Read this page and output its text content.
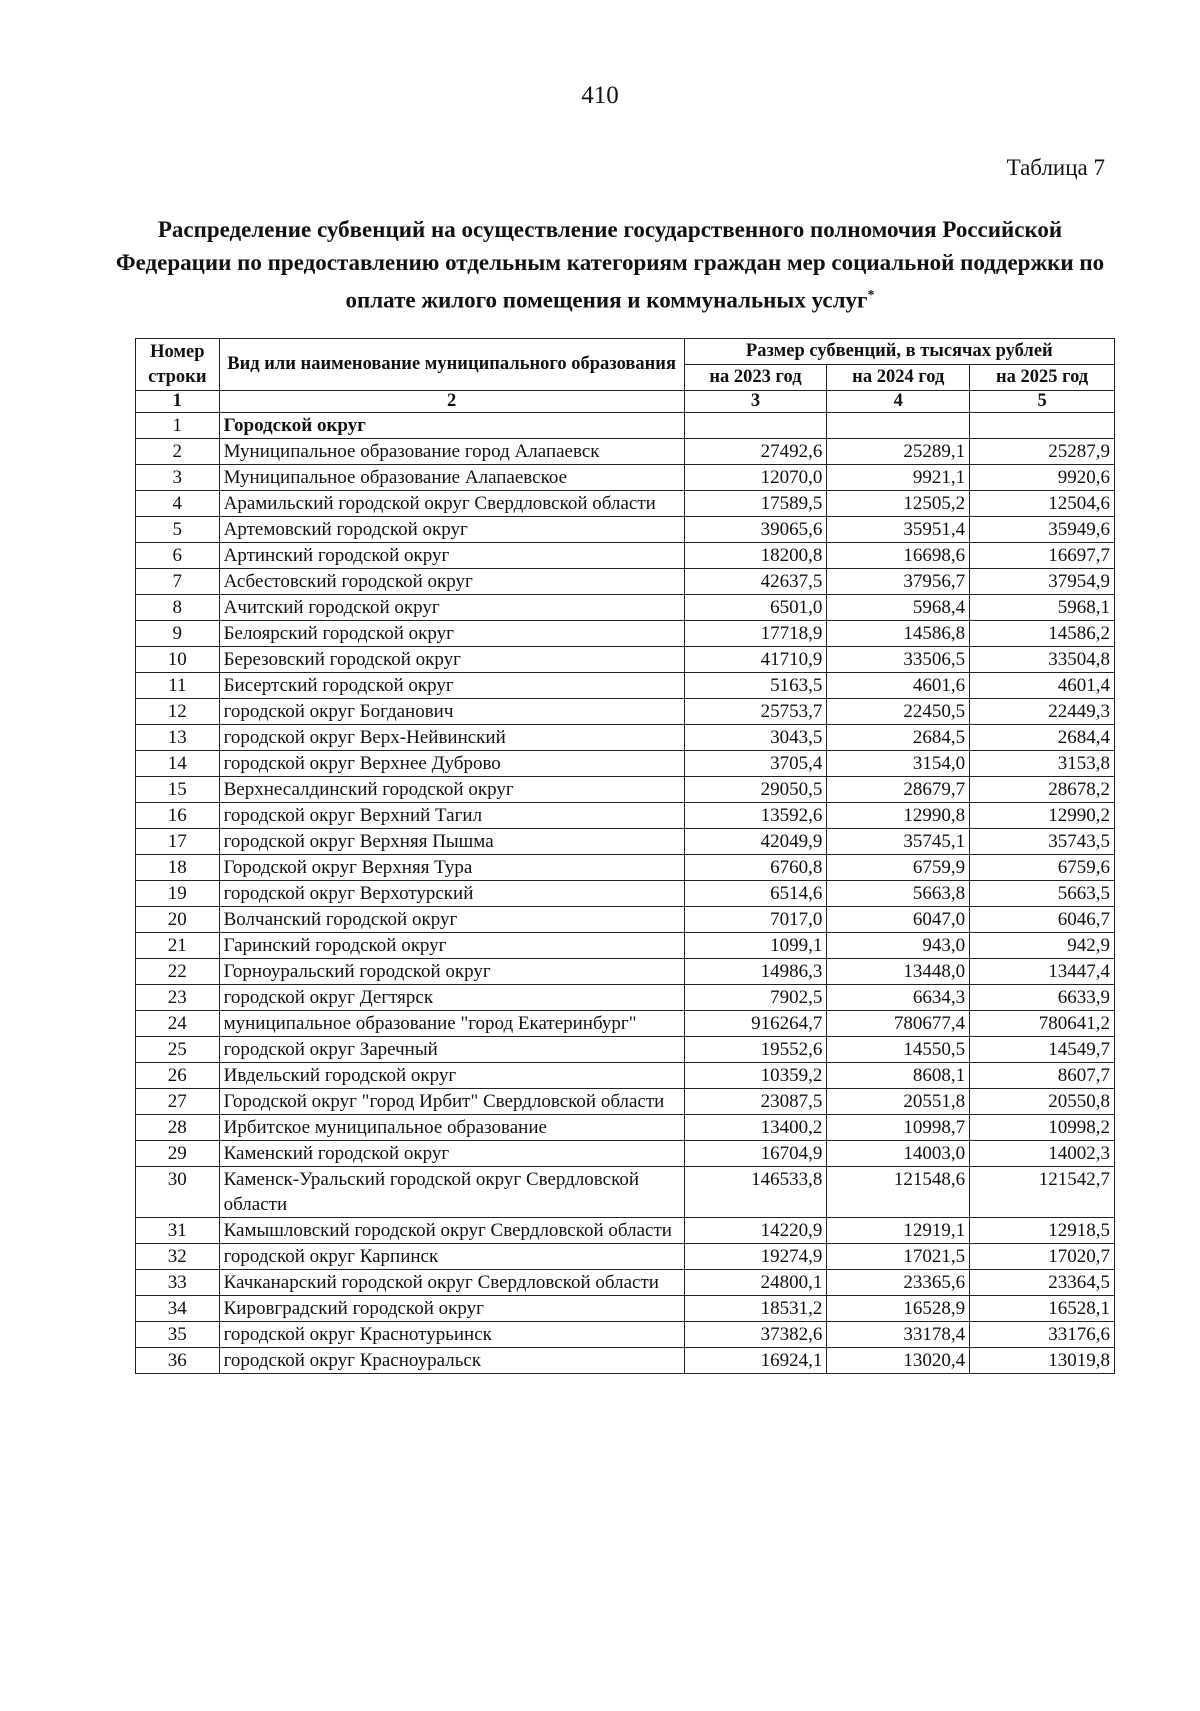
410
Таблица 7
Распределение субвенций на осуществление государственного полномочия Российской Федерации по предоставлению отдельным категориям граждан мер социальной поддержки по оплате жилого помещения и коммунальных услуг*
Номер строки	Вид или наименование муниципального образования	Размер субвенций, в тысячах рублей		
		на 2023 год	на 2024 год	на 2025 год
1	2	3	4	5
1	Городской округ			
2	Муниципальное образование город Алапаевск	27492,6	25289,1	25287,9
3	Муниципальное образование Алапаевское	12070,0	9921,1	9920,6
4	Арамильский городской округ Свердловской области	17589,5	12505,2	12504,6
5	Артемовский городской округ	39065,6	35951,4	35949,6
6	Артинский городской округ	18200,8	16698,6	16697,7
7	Асбестовский городской округ	42637,5	37956,7	37954,9
8	Ачитский городской округ	6501,0	5968,4	5968,1
9	Белоярский городской округ	17718,9	14586,8	14586,2
10	Березовский городской округ	41710,9	33506,5	33504,8
11	Бисертский городской округ	5163,5	4601,6	4601,4
12	городской округ Богданович	25753,7	22450,5	22449,3
13	городской округ Верх-Нейвинский	3043,5	2684,5	2684,4
14	городской округ Верхнее Дуброво	3705,4	3154,0	3153,8
15	Верхнесалдинский городской округ	29050,5	28679,7	28678,2
16	городской округ Верхний Тагил	13592,6	12990,8	12990,2
17	городской округ Верхняя Пышма	42049,9	35745,1	35743,5
18	Городской округ Верхняя Тура	6760,8	6759,9	6759,6
19	городской округ Верхотурский	6514,6	5663,8	5663,5
20	Волчанский городской округ	7017,0	6047,0	6046,7
21	Гаринский городской округ	1099,1	943,0	942,9
22	Горноуральский городской округ	14986,3	13448,0	13447,4
23	городской округ Дегтярск	7902,5	6634,3	6633,9
24	муниципальное образование "город Екатеринбург"	916264,7	780677,4	780641,2
25	городской округ Заречный	19552,6	14550,5	14549,7
26	Ивдельский городской округ	10359,2	8608,1	8607,7
27	Городской округ "город Ирбит" Свердловской области	23087,5	20551,8	20550,8
28	Ирбитское муниципальное образование	13400,2	10998,7	10998,2
29	Каменский городской округ	16704,9	14003,0	14002,3
30	Каменск-Уральский городской округ Свердловской области	146533,8	121548,6	121542,7
31	Камышловский городской округ Свердловской области	14220,9	12919,1	12918,5
32	городской округ Карпинск	19274,9	17021,5	17020,7
33	Качканарский городской округ Свердловской области	24800,1	23365,6	23364,5
34	Кировградский городской округ	18531,2	16528,9	16528,1
35	городской округ Краснотурьинск	37382,6	33178,4	33176,6
36	городской округ Красноуральск	16924,1	13020,4	13019,8
